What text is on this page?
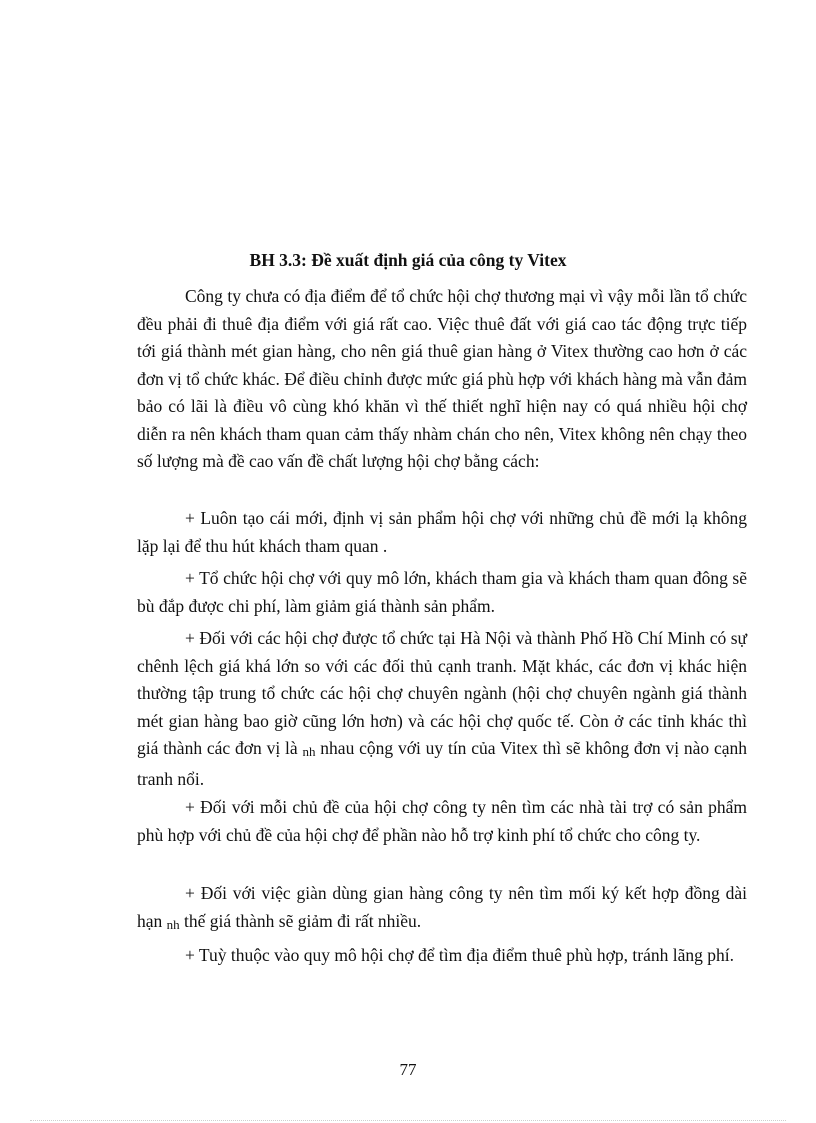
BH 3.3: Đề xuất định giá của công ty Vitex

Công ty chưa có địa điểm để tổ chức hội chợ thương mại vì vậy mỗi lần tổ chức đều phải đi thuê địa điểm với giá rất cao. Việc thuê đất với giá cao tác động trực tiếp tới giá thành mét gian hàng, cho nên giá thuê gian hàng ở Vitex thường cao hơn ở các đơn vị tổ chức khác. Để điều chỉnh được mức giá phù hợp với khách hàng mà vẫn đảm bảo có lãi là điều vô cùng khó khăn vì thế thiết nghĩ hiện nay có quá nhiều hội chợ diễn ra nên khách tham quan cảm thấy nhàm chán cho nên, Vitex không nên chạy theo số lượng mà đề cao vấn đề chất lượng hội chợ bằng cách:

+ Luôn tạo cái mới, định vị sản phẩm hội chợ với những chủ đề mới lạ không lặp lại để thu hút khách tham quan .

+ Tổ chức hội chợ với quy mô lớn, khách tham gia và khách tham quan đông sẽ bù đắp được chi phí, làm giảm giá thành sản phẩm.

+ Đối với các hội chợ được tổ chức tại Hà Nội và thành Phố Hồ Chí Minh có sự chênh lệch giá khá lớn so với các đối thủ cạnh tranh. Mặt khác, các đơn vị khác hiện thường tập trung tổ chức các hội chợ chuyên ngành (hội chợ chuyên ngành giá thành mét gian hàng bao giờ cũng lớn hơn) và các hội chợ quốc tế. Còn ở các tỉnh khác thì giá thành các đơn vị là nh nhau cộng với uy tín của Vitex thì sẽ không đơn vị nào cạnh tranh nổi.

+ Đối với mỗi chủ đề của hội chợ công ty nên tìm các nhà tài trợ có sản phẩm phù hợp với chủ đề của hội chợ để phần nào hỗ trợ kinh phí tổ chức cho công ty.

+ Đối với việc giàn dùng gian hàng công ty nên tìm mối ký kết hợp đồng dài hạn nh thế giá thành sẽ giảm đi rất nhiều.

+ Tuỳ thuộc vào quy mô hội chợ để tìm địa điểm thuê phù hợp, tránh lãng phí.

77
